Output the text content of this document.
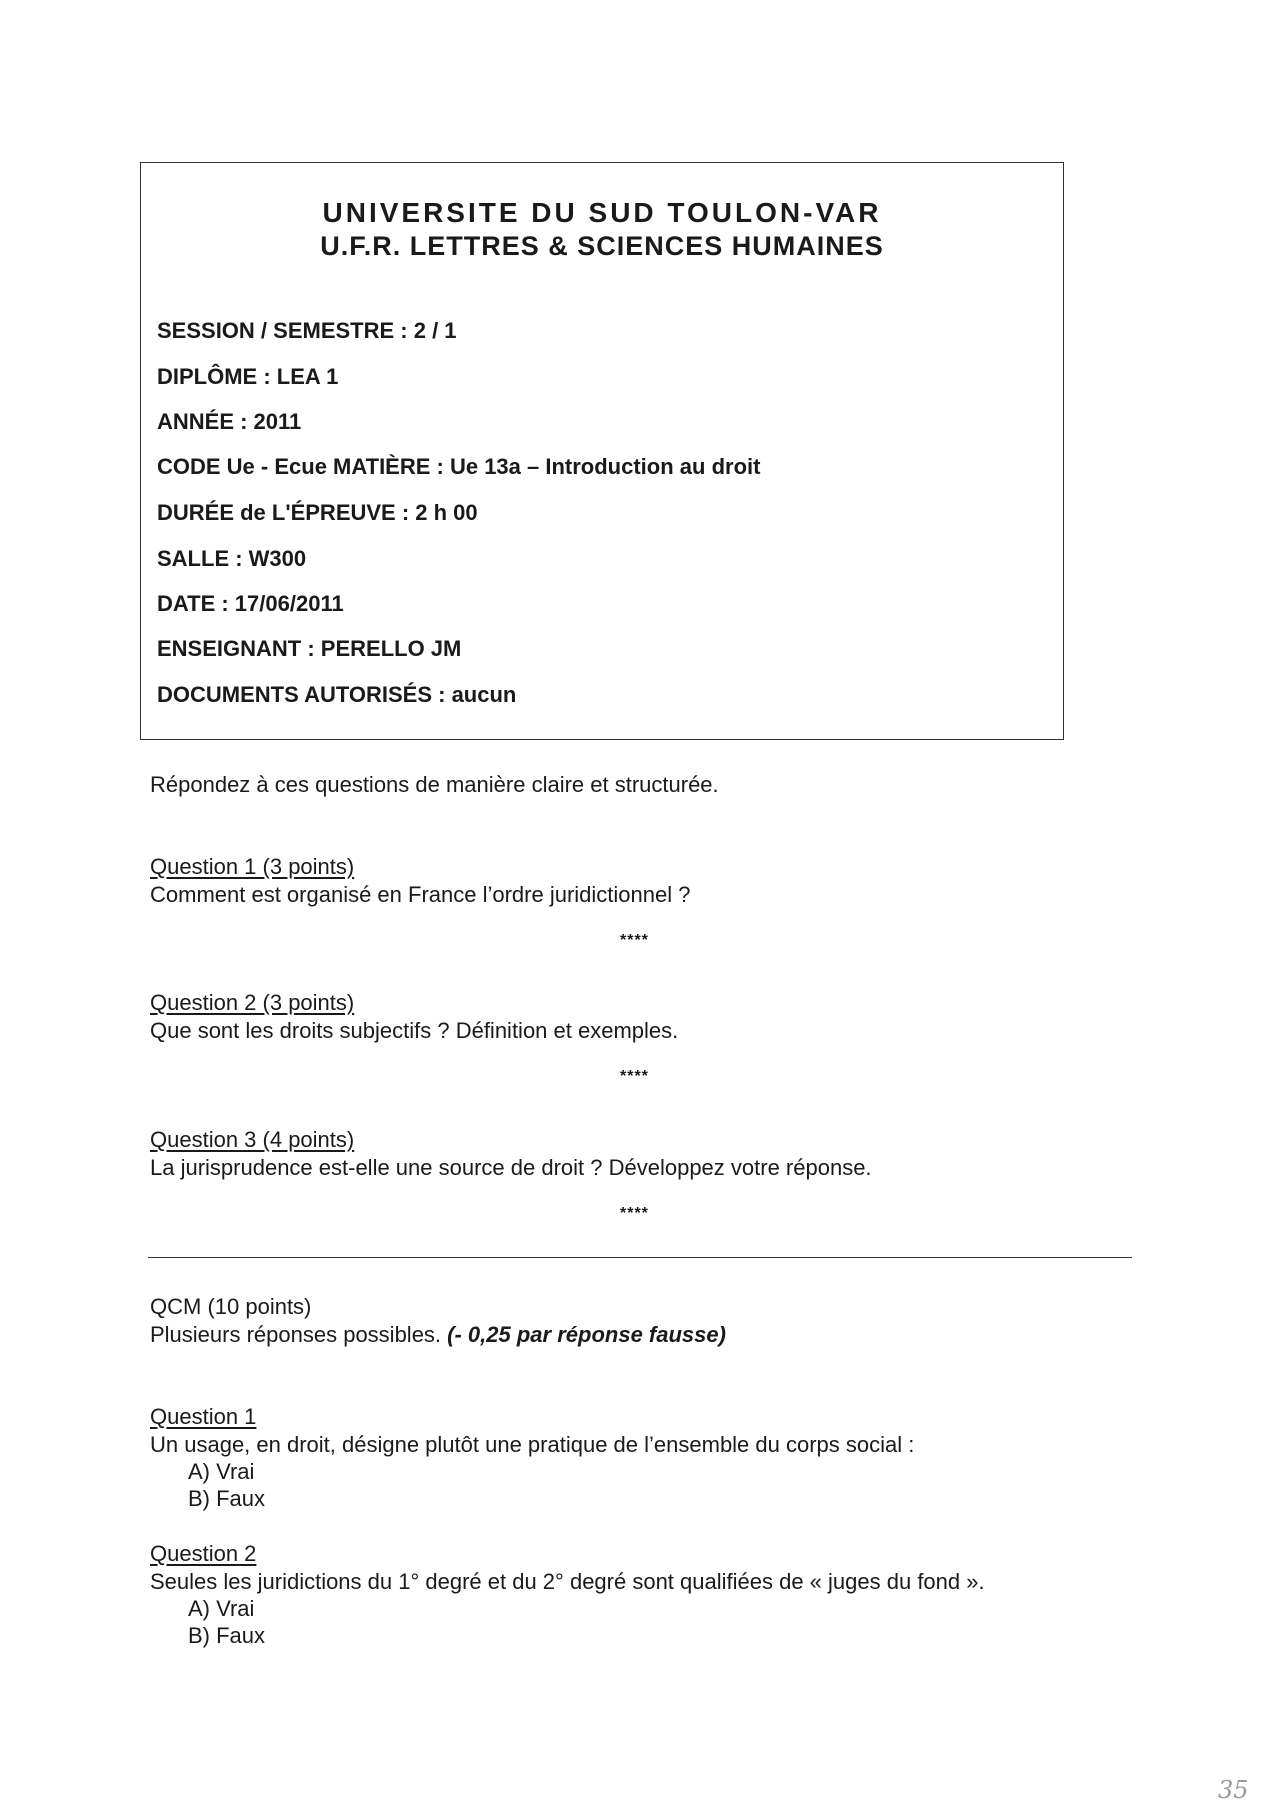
UNIVERSITE DU SUD TOULON-VAR
U.F.R. LETTRES & SCIENCES HUMAINES
SESSION / SEMESTRE : 2 / 1
DIPLÔME : LEA 1
ANNÉE : 2011
CODE Ue - Ecue MATIÈRE : Ue 13a – Introduction au droit
DURÉE de L'ÉPREUVE : 2 h 00
SALLE : W300
DATE : 17/06/2011
ENSEIGNANT : PERELLO JM
DOCUMENTS AUTORISÉS : aucun
Répondez à ces questions de manière claire et structurée.
Question 1 (3 points)
Comment est organisé en France l’ordre juridictionnel ?
****
Question 2 (3 points)
Que sont les droits subjectifs ? Définition et exemples.
****
Question 3 (4 points)
La jurisprudence est-elle une source de droit ? Développez votre réponse.
****
QCM (10 points)
Plusieurs réponses possibles. (- 0,25 par réponse fausse)
Question 1
Un usage, en droit, désigne plutôt une pratique de l’ensemble du corps social :
A) Vrai
B) Faux
Question 2
Seules les juridictions du 1° degré et du 2° degré sont qualifiées de « juges du fond ».
A) Vrai
B) Faux
35
